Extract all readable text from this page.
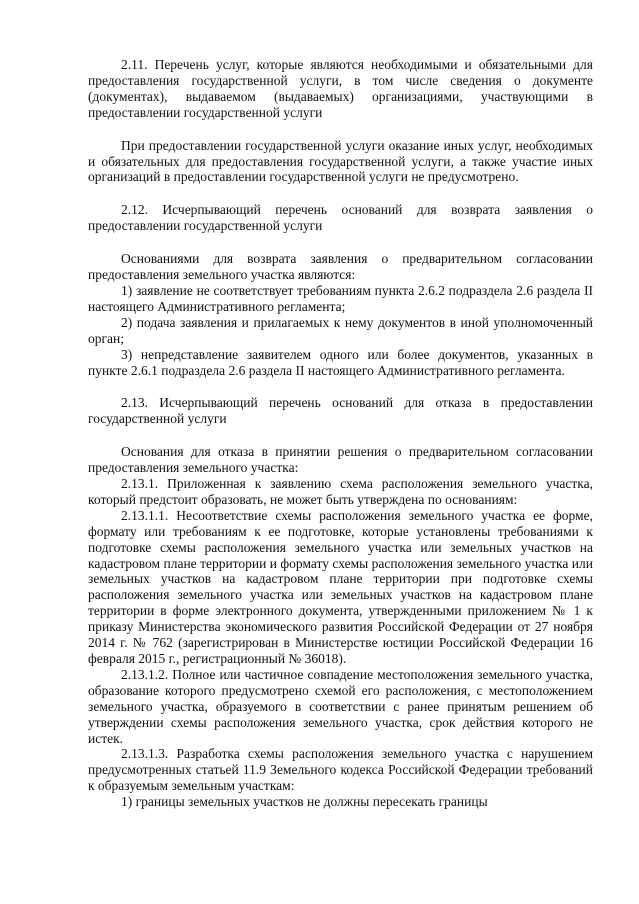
2.11. Перечень услуг, которые являются необходимыми и обязательными для предоставления государственной услуги, в том числе сведения о документе (документах), выдаваемом (выдаваемых) организациями, участвующими в предоставлении государственной услуги

При предоставлении государственной услуги оказание иных услуг, необходимых и обязательных для предоставления государственной услуги, а также участие иных организаций в предоставлении государственной услуги не предусмотрено.

2.12. Исчерпывающий перечень оснований для возврата заявления о предоставлении государственной услуги

Основаниями для возврата заявления о предварительном согласовании предоставления земельного участка являются:

1) заявление не соответствует требованиям пункта 2.6.2 подраздела 2.6 раздела II настоящего Административного регламента;

2) подача заявления и прилагаемых к нему документов в иной уполномоченный орган;

3) непредставление заявителем одного или более документов, указанных в пункте 2.6.1 подраздела 2.6 раздела II настоящего Административного регламента.

2.13. Исчерпывающий перечень оснований для отказа в предоставлении государственной услуги

Основания для отказа в принятии решения о предварительном согласовании предоставления земельного участка:

2.13.1. Приложенная к заявлению схема расположения земельного участка, который предстоит образовать, не может быть утверждена по основаниям:

2.13.1.1. Несоответствие схемы расположения земельного участка ее форме, формату или требованиям к ее подготовке, которые установлены требованиями к подготовке схемы расположения земельного участка или земельных участков на кадастровом плане территории и формату схемы расположения земельного участка или земельных участков на кадастровом плане территории при подготовке схемы расположения земельного участка или земельных участков на кадастровом плане территории в форме электронного документа, утвержденными приложением № 1 к приказу Министерства экономического развития Российской Федерации от 27 ноября 2014 г. № 762 (зарегистрирован в Министерстве юстиции Российской Федерации 16 февраля 2015 г., регистрационный № 36018).

2.13.1.2. Полное или частичное совпадение местоположения земельного участка, образование которого предусмотрено схемой его расположения, с местоположением земельного участка, образуемого в соответствии с ранее принятым решением об утверждении схемы расположения земельного участка, срок действия которого не истек.

2.13.1.3. Разработка схемы расположения земельного участка с нарушением предусмотренных статьей 11.9 Земельного кодекса Российской Федерации требований к образуемым земельным участкам:

1) границы земельных участков не должны пересекать границы
